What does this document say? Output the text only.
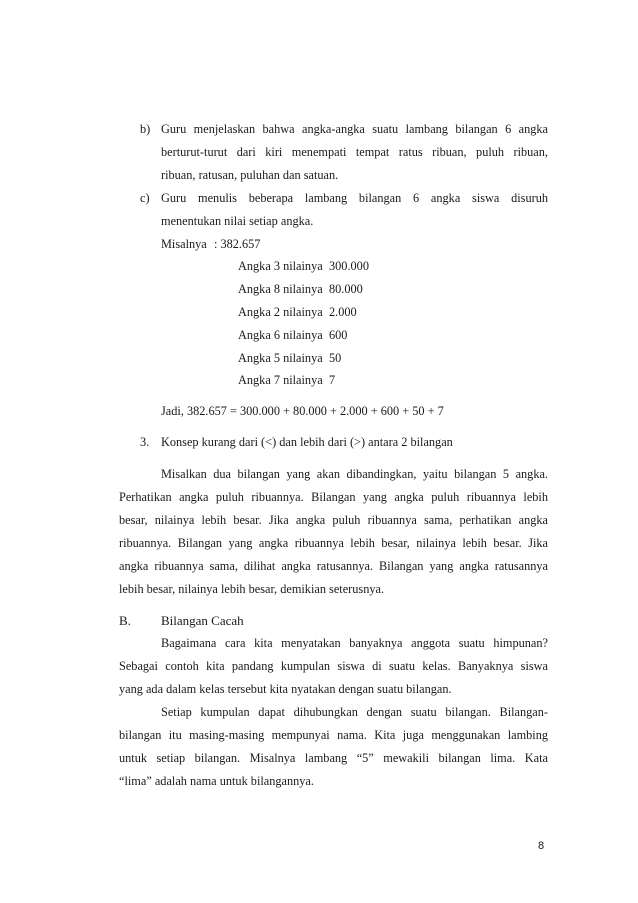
b) Guru menjelaskan bahwa angka-angka suatu lambang bilangan 6 angka
berturut-turut dari kiri menempati tempat ratus ribuan, puluh ribuan,
ribuan, ratusan, puluhan dan satuan.
c) Guru menulis beberapa lambang bilangan 6 angka siswa disuruh
menentukan nilai setiap angka.
Misalnya : 382.657
Angka 3 nilainya 300.000
Angka 8 nilainya 80.000
Angka 2 nilainya 2.000
Angka 6 nilainya 600
Angka 5 nilainya 50
Angka 7 nilainya 7
Jadi, 382.657 = 300.000 + 80.000 + 2.000 + 600 + 50 + 7
3. Konsep kurang dari (<) dan lebih dari (>) antara 2 bilangan
Misalkan dua bilangan yang akan dibandingkan, yaitu bilangan 5 angka.
Perhatikan angka puluh ribuannya. Bilangan yang angka puluh ribuannya lebih
besar, nilainya lebih besar. Jika angka puluh ribuannya sama, perhatikan angka
ribuannya. Bilangan yang angka ribuannya lebih besar, nilainya lebih besar. Jika
angka ribuannya sama, dilihat angka ratusannya. Bilangan yang angka ratusannya
lebih besar, nilainya lebih besar, demikian seterusnya.
B. Bilangan Cacah
Bagaimana cara kita menyatakan banyaknya anggota suatu himpunan?
Sebagai contoh kita pandang kumpulan siswa di suatu kelas. Banyaknya siswa
yang ada dalam kelas tersebut kita nyatakan dengan suatu bilangan.
Setiap kumpulan dapat dihubungkan dengan suatu bilangan. Bilangan-
bilangan itu masing-masing mempunyai nama. Kita juga menggunakan lambing
untuk setiap bilangan. Misalnya lambang “5” mewakili bilangan lima. Kata
“lima” adalah nama untuk bilangannya.
8
